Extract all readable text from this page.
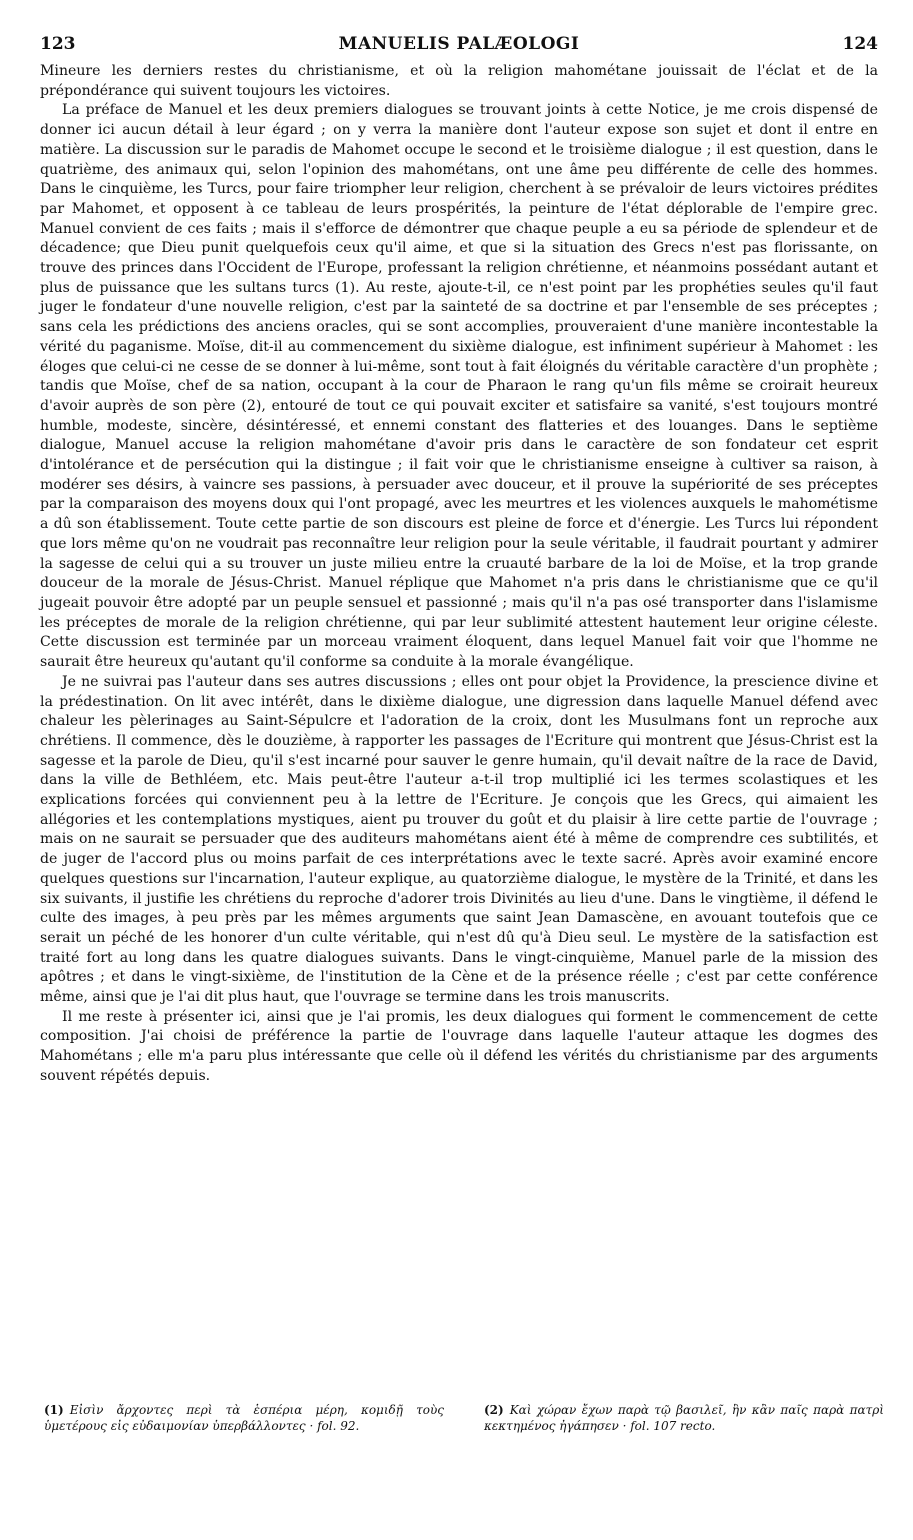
123	MANUELIS PALÆOLOGI	124

Mineure les derniers restes du christianisme, et où la religion mahométane jouissait de l'éclat et de la prépondérance qui suivent toujours les victoires.

La préface de Manuel et les deux premiers dialogues se trouvant joints à cette Notice, je me crois dispensé de donner ici aucun détail à leur égard ; on y verra la manière dont l'auteur expose son sujet et dont il entre en matière. La discussion sur le paradis de Mahomet occupe le second et le troisième dialogue ; il est question, dans le quatrième, des animaux qui, selon l'opinion des mahométans, ont une âme peu différente de celle des hommes. Dans le cinquième, les Turcs, pour faire triompher leur religion, cherchent à se prévaloir de leurs victoires prédites par Mahomet, et opposent à ce tableau de leurs prospérités, la peinture de l'état déplorable de l'empire grec. Manuel convient de ces faits ; mais il s'efforce de démontrer que chaque peuple a eu sa période de splendeur et de décadence; que Dieu punit quelquefois ceux qu'il aime, et que si la situation des Grecs n'est pas florissante, on trouve des princes dans l'Occident de l'Europe, professant la religion chrétienne, et néanmoins possédant autant et plus de puissance que les sultans turcs (1). Au reste, ajoute-t-il, ce n'est point par les prophéties seules qu'il faut juger le fondateur d'une nouvelle religion, c'est par la sainteté de sa doctrine et par l'ensemble de ses préceptes ; sans cela les prédictions des anciens oracles, qui se sont accomplies, prouveraient d'une manière incontestable la vérité du paganisme. Moïse, dit-il au commencement du sixième dialogue, est infiniment supérieur à Mahomet : les éloges que celui-ci ne cesse de se donner à lui-même, sont tout à fait éloignés du véritable caractère d'un prophète ; tandis que Moïse, chef de sa nation, occupant à la cour de Pharaon le rang qu'un fils même se croirait heureux d'avoir auprès de son père (2), entouré de tout ce qui pouvait exciter et satisfaire sa vanité, s'est toujours montré humble, modeste, sincère, désintéressé, et ennemi constant des flatteries et des louanges. Dans le septième dialogue, Manuel accuse la religion mahométane d'avoir pris dans le caractère de son fondateur cet esprit d'intolérance et de persécution qui la distingue ; il fait voir que le christianisme enseigne à cultiver sa raison, à modérer ses désirs, à vaincre ses passions, à persuader avec douceur, et il prouve la supériorité de ses préceptes par la comparaison des moyens doux qui l'ont propagé, avec les meurtres et les violences auxquels le mahométisme a dû son établissement. Toute cette partie de son discours est pleine de force et d'énergie. Les Turcs lui répondent que lors même qu'on ne voudrait pas reconnaître leur religion pour la seule véritable, il faudrait pourtant y admirer la sagesse de celui qui a su trouver un juste milieu entre la cruauté barbare de la loi de Moïse, et la trop grande douceur de la morale de Jésus-Christ. Manuel réplique que Mahomet n'a pris dans le christianisme que ce qu'il jugeait pouvoir être adopté par un peuple sensuel et passionné ; mais qu'il n'a pas osé transporter dans l'islamisme les préceptes de morale de la religion chrétienne, qui par leur sublimité attestent hautement leur origine céleste. Cette discussion est terminée par un morceau vraiment éloquent, dans lequel Manuel fait voir que l'homme ne saurait être heureux qu'autant qu'il conforme sa conduite à la morale évangélique.

Je ne suivrai pas l'auteur dans ses autres discussions ; elles ont pour objet la Providence, la prescience divine et la prédestination. On lit avec intérêt, dans le dixième dialogue, une digression dans laquelle Manuel défend avec chaleur les pèlerinages au Saint-Sépulcre et l'adoration de la croix, dont les Musulmans font un reproche aux chrétiens. Il commence, dès le douzième, à rapporter les passages de l'Ecriture qui montrent que Jésus-Christ est la sagesse et la parole de Dieu, qu'il s'est incarné pour sauver le genre humain, qu'il devait naître de la race de David, dans la ville de Bethléem, etc. Mais peut-être l'auteur a-t-il trop multiplié ici les termes scolastiques et les explications forcées qui conviennent peu à la lettre de l'Ecriture. Je conçois que les Grecs, qui aimaient les allégories et les contemplations mystiques, aient pu trouver du goût et du plaisir à lire cette partie de l'ouvrage ; mais on ne saurait se persuader que des auditeurs mahométans aient été à même de comprendre ces subtilités, et de juger de l'accord plus ou moins parfait de ces interprétations avec le texte sacré. Après avoir examiné encore quelques questions sur l'incarnation, l'auteur explique, au quatorzième dialogue, le mystère de la Trinité, et dans les six suivants, il justifie les chrétiens du reproche d'adorer trois Divinités au lieu d'une. Dans le vingtième, il défend le culte des images, à peu près par les mêmes arguments que saint Jean Damascène, en avouant toutefois que ce serait un péché de les honorer d'un culte véritable, qui n'est dû qu'à Dieu seul. Le mystère de la satisfaction est traité fort au long dans les quatre dialogues suivants. Dans le vingt-cinquième, Manuel parle de la mission des apôtres ; et dans le vingt-sixième, de l'institution de la Cène et de la présence réelle ; c'est par cette conférence même, ainsi que je l'ai dit plus haut, que l'ouvrage se termine dans les trois manuscrits.

Il me reste à présenter ici, ainsi que je l'ai promis, les deux dialogues qui forment le commencement de cette composition. J'ai choisi de préférence la partie de l'ouvrage dans laquelle l'auteur attaque les dogmes des Mahométans ; elle m'a paru plus intéressante que celle où il défend les vérités du christianisme par des arguments souvent répétés depuis.

(1) Εἰσὶν ἄρχοντες περὶ τὰ ἑσπέρια μέρη, κομιδῇ τοὺς ὑμετέρους εἰς εὐδαιμονίαν ὑπερβάλλοντες · fol. 92.
(2) Καὶ χώραν ἔχων παρὰ τῷ βασιλεῖ, ἣν κἂν παῖς παρὰ πατρὶ κεκτημένος ἠγάπησεν · fol. 107 recto.
